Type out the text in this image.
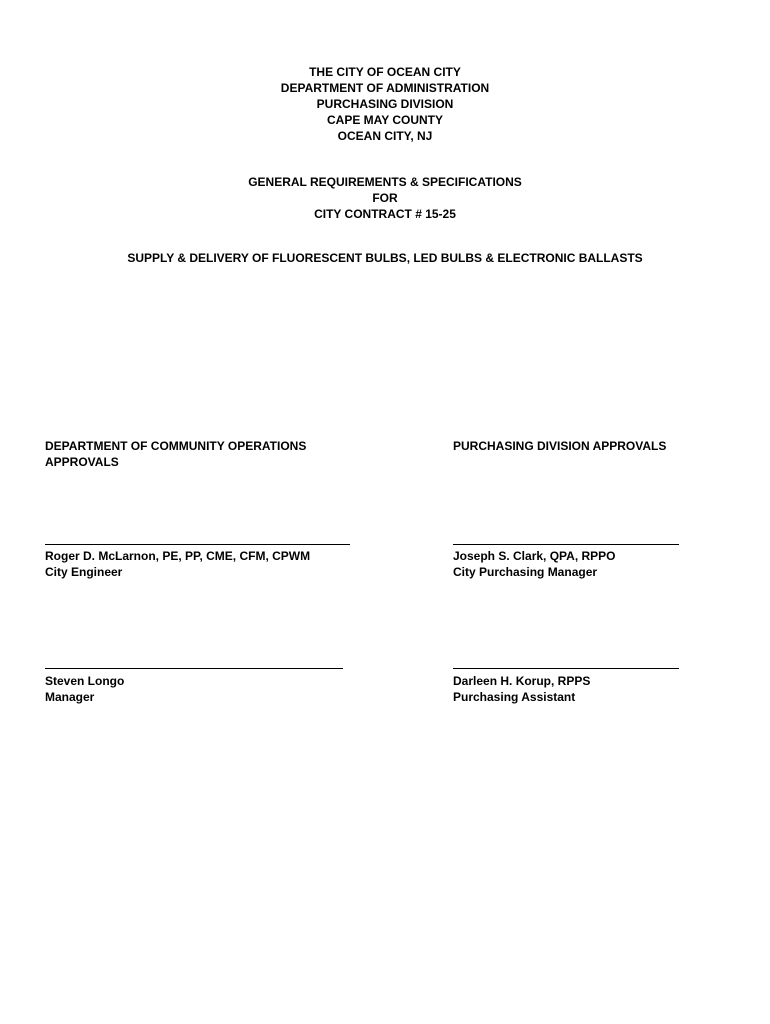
THE CITY OF OCEAN CITY
DEPARTMENT OF ADMINISTRATION
PURCHASING DIVISION
CAPE MAY COUNTY
OCEAN CITY, NJ
GENERAL REQUIREMENTS & SPECIFICATIONS
FOR
CITY CONTRACT # 15-25
SUPPLY & DELIVERY OF FLUORESCENT BULBS, LED BULBS & ELECTRONIC BALLASTS
DEPARTMENT OF COMMUNITY OPERATIONS
APPROVALS
PURCHASING DIVISION APPROVALS
Roger D. McLarnon, PE, PP, CME, CFM, CPWM
City Engineer
Joseph S. Clark, QPA, RPPO
City Purchasing Manager
Steven Longo
Manager
Darleen H. Korup, RPPS
Purchasing Assistant
